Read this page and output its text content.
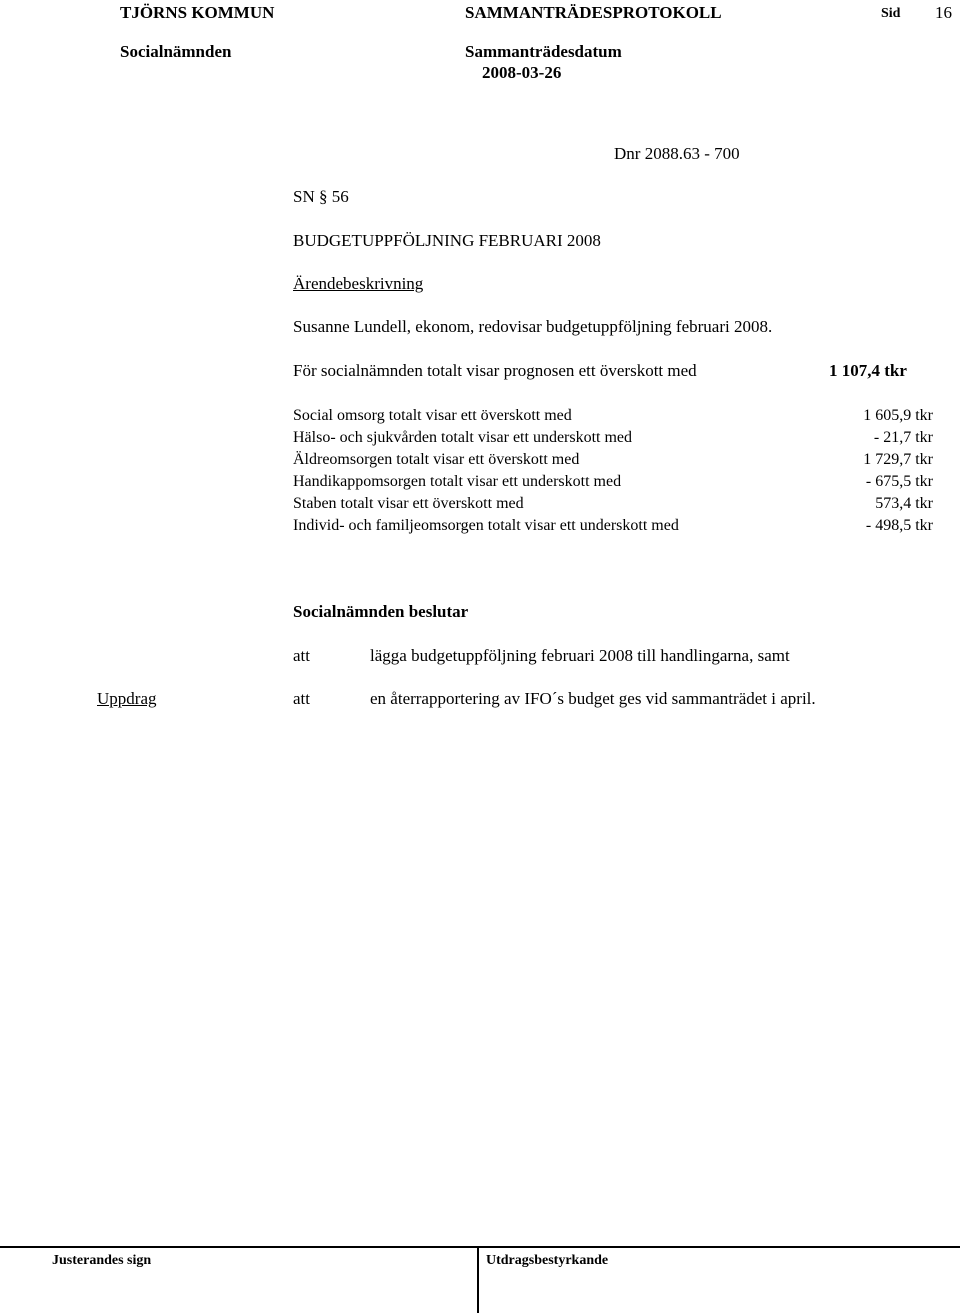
TJÖRNS KOMMUN	SAMMANTRÄDESPROTOKOLL	Sid 16
Socialnämnden	Sammanträdesdatum
2008-03-26
Dnr 2088.63 - 700
SN § 56
BUDGETUPPFÖLJNING FEBRUARI 2008
Ärendebeskrivning
Susanne Lundell, ekonom, redovisar budgetuppföljning februari 2008.
För socialnämnden totalt visar prognosen ett överskott med	1 107,4 tkr
Social omsorg totalt visar ett överskott med	1 605,9 tkr
Hälso- och sjukvården totalt visar ett underskott med	- 21,7 tkr
Äldreomsorgen totalt visar ett överskott med	1 729,7 tkr
Handikappomsorgen totalt visar ett underskott med	- 675,5 tkr
Staben totalt visar ett överskott med	573,4 tkr
Individ- och familjeomsorgen totalt visar ett underskott med	- 498,5 tkr
Socialnämnden beslutar
att	lägga budgetuppföljning februari 2008 till handlingarna, samt
Uppdrag	att	en återrapportering av IFO´s budget ges vid sammanträdet i april.
Justerandes sign	Utdragsbestyrkande
